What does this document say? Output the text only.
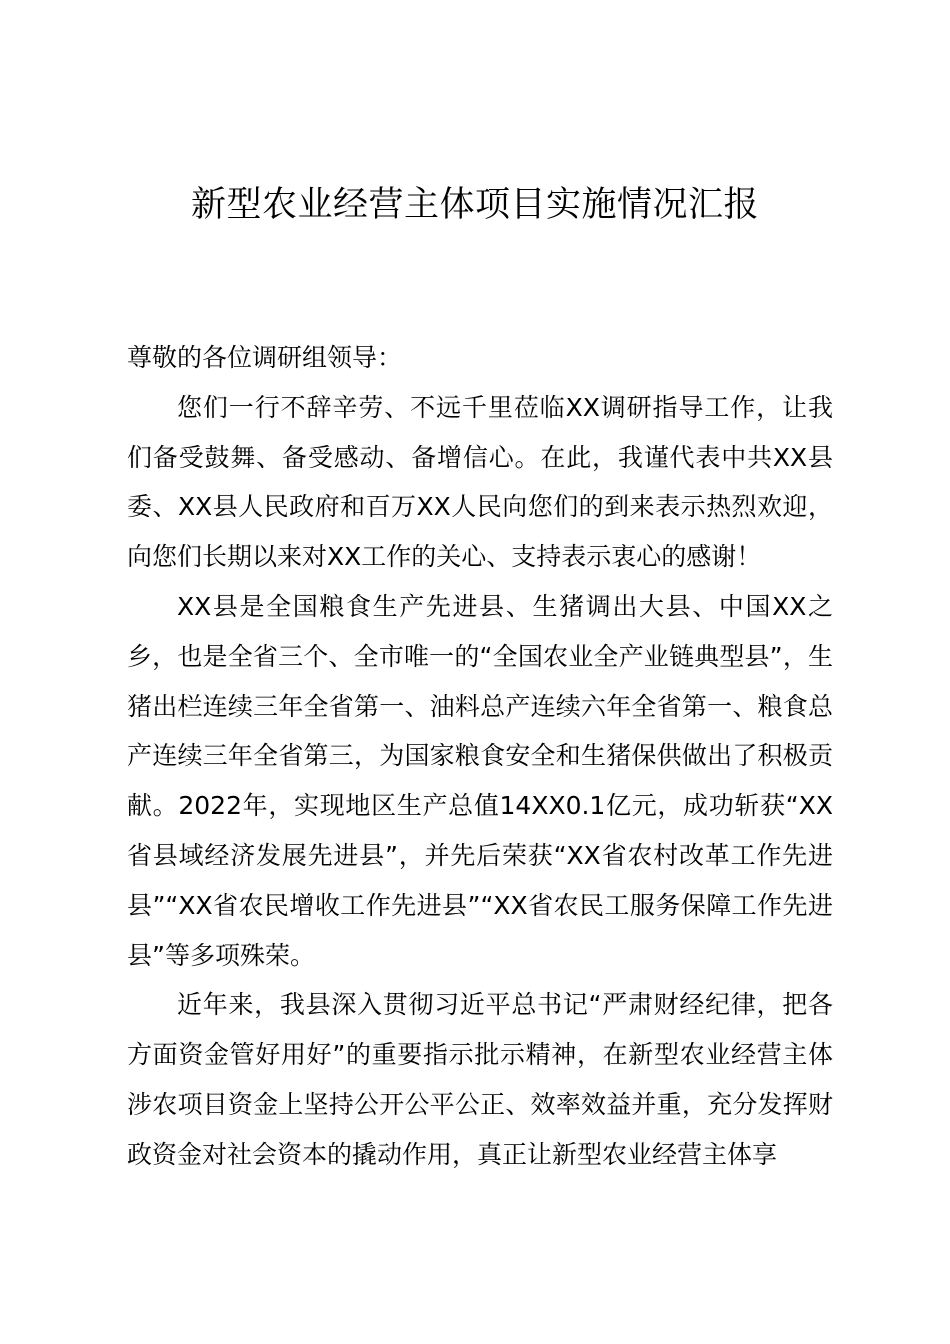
新型农业经营主体项目实施情况汇报

尊敬的各位调研组领导：

您们一行不辞辛劳、不远千里莅临XX调研指导工作，让我们备受鼓舞、备受感动、备增信心。在此，我谨代表中共XX县委、XX县人民政府和百万XX人民向您们的到来表示热烈欢迎，向您们长期以来对XX工作的关心、支持表示衷心的感谢！

XX县是全国粮食生产先进县、生猪调出大县、中国XX之乡，也是全省三个、全市唯一的“全国农业全产业链典型县”，生猪出栏连续三年全省第一、油料总产连续六年全省第一、粮食总产连续三年全省第三，为国家粮食安全和生猪保供做出了积极贡献。2022年，实现地区生产总值14XX0.1亿元，成功斩获“XX省县域经济发展先进县”，并先后荣获“XX省农村改革工作先进县”“XX省农民增收工作先进县”“XX省农民工服务保障工作先进县”等多项殊荣。

近年来，我县深入贯彻习近平总书记“严肃财经纪律，把各方面资金管好用好”的重要指示批示精神，在新型农业经营主体涉农项目资金上坚持公开公平公正、效率效益并重，充分发挥财政资金对社会资本的撬动作用，真正让新型农业经营主体享
